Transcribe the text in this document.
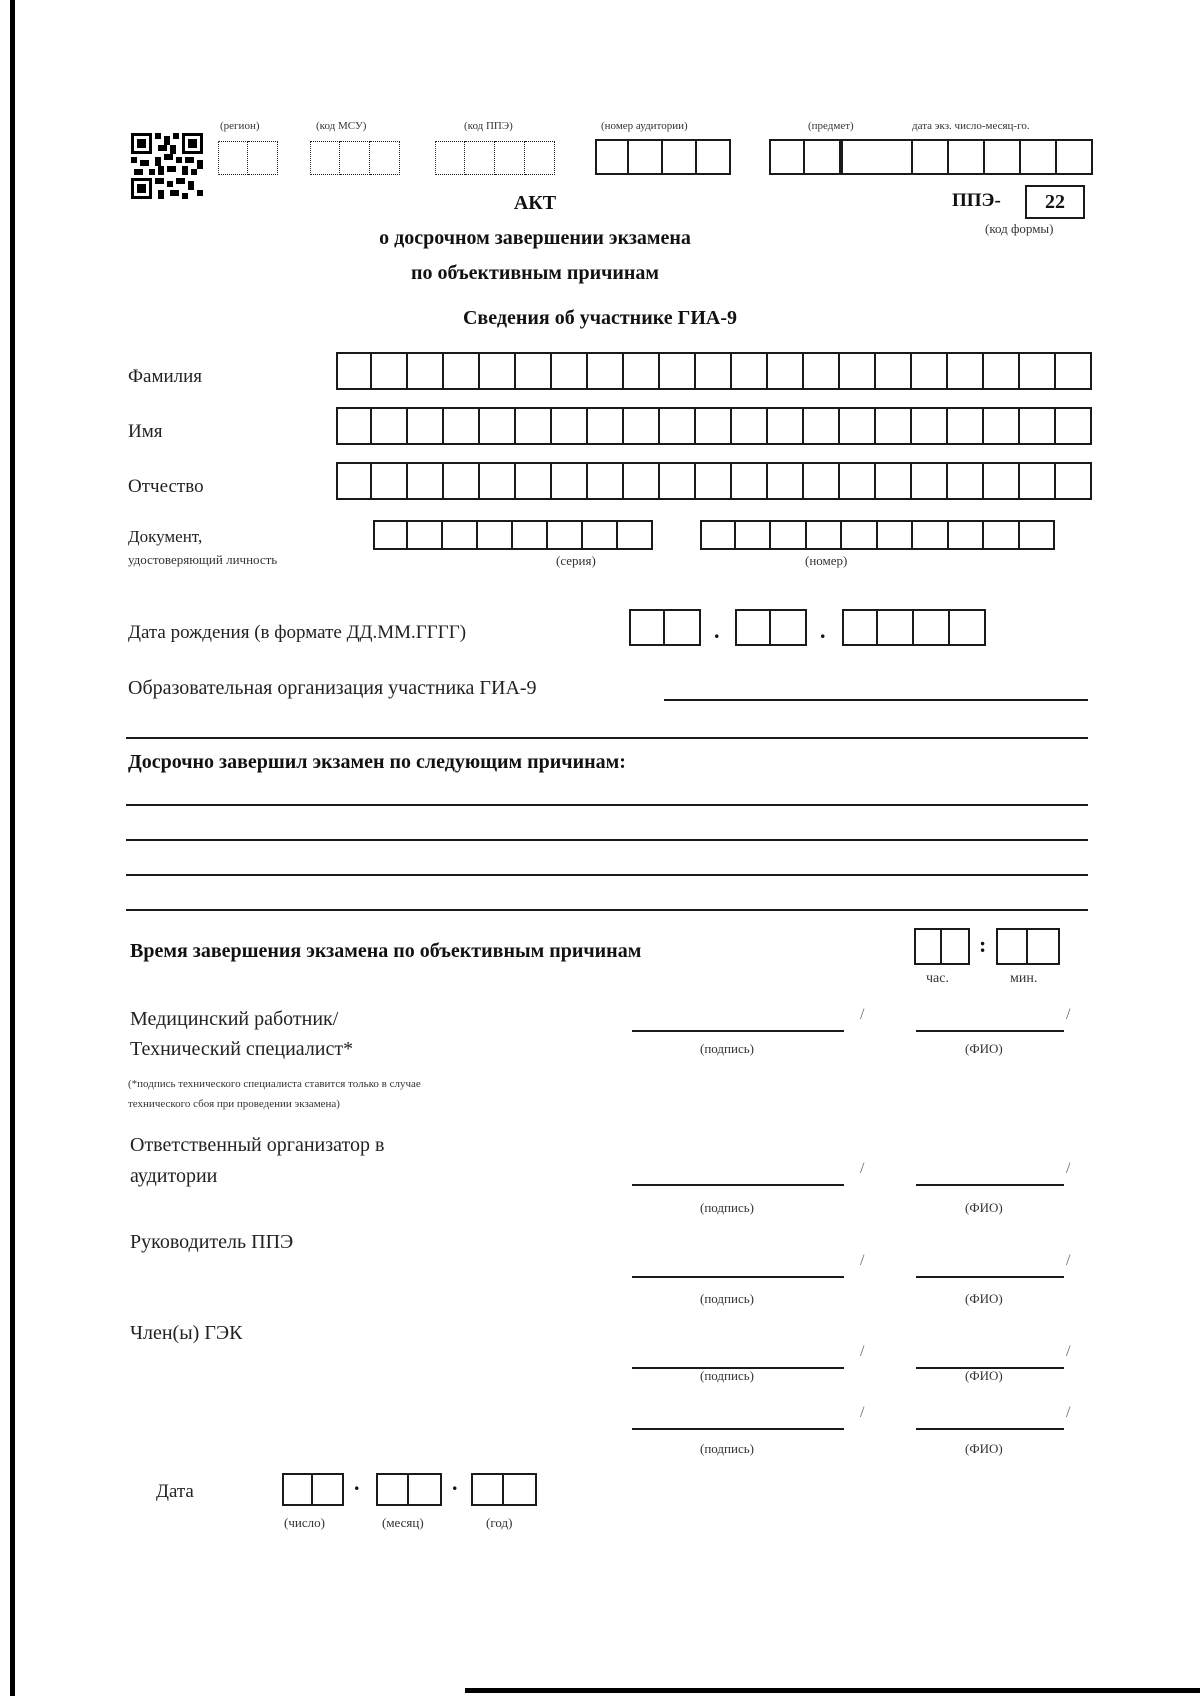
(регион)	(код МСУ)	(код ППЭ)	(номер аудитории)	(предмет)	дата экз. число-месяц-го.
АКТ
о досрочном завершении экзамена
по объективным причинам
ППЭ-	22
(код формы)
Сведения об участнике ГИА-9
Фамилия
Имя
Отчество
Документ,
удостоверяющий личность	(серия)	(номер)
Дата рождения (в формате ДД.ММ.ГГГГ)	.	.
Образовательная организация участника ГИА-9
Досрочно завершил экзамен по следующим причинам:
Время завершения экзамена по объективным причинам	:
час.	мин.
Медицинский работник/
Технический специалист*
(*подпись технического специалиста ставится только в случае
технического сбоя при проведении экзамена)
/	/
(подпись)	(ФИО)
Ответственный организатор в
аудитории	/	/
(подпись)	(ФИО)
Руководитель ППЭ
/	/
(подпись)	(ФИО)
Член(ы) ГЭК
/	/
(подпись)	(ФИО)
/	/
(подпись)	(ФИО)
Дата	.	.
(число)	(месяц)	(год)
